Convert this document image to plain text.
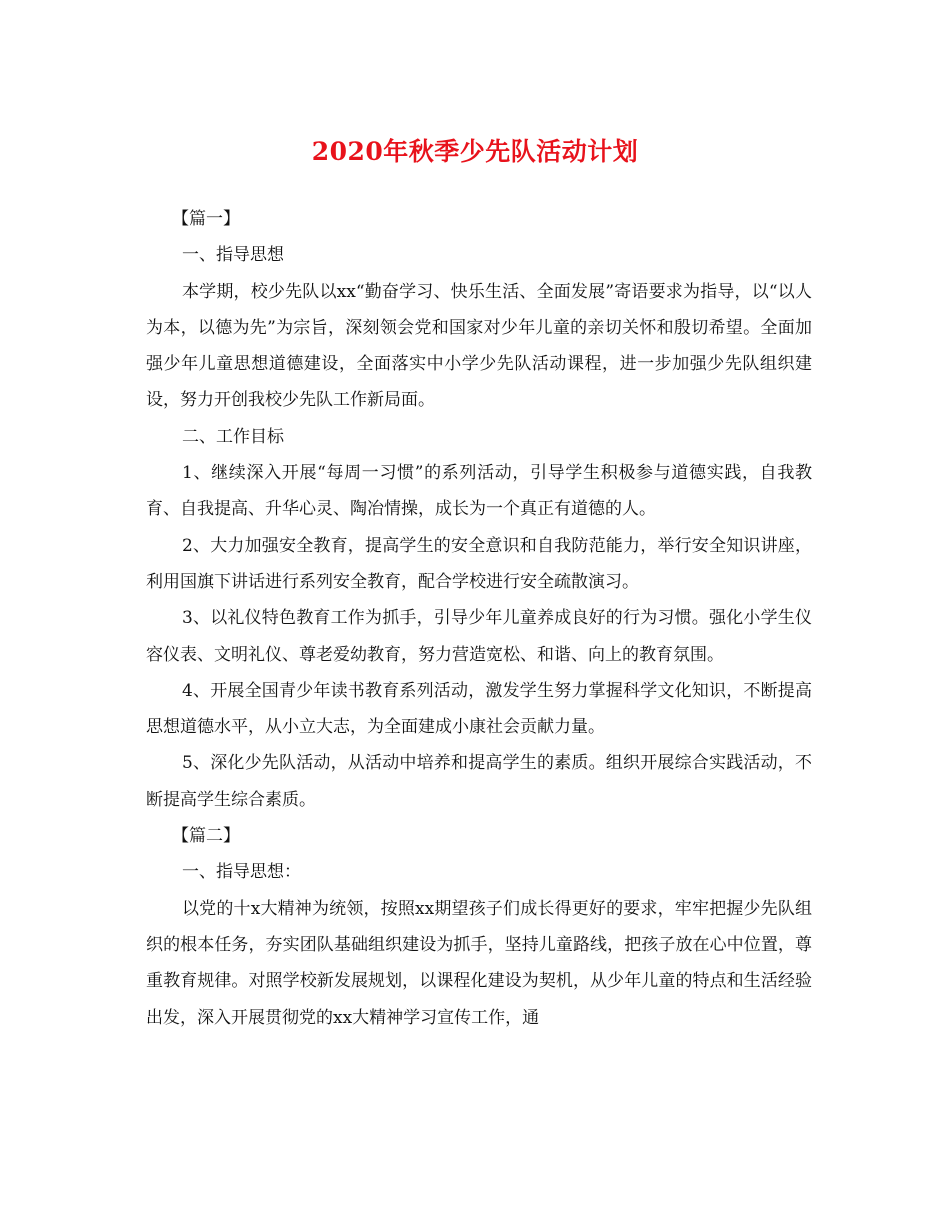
2020年秋季少先队活动计划

【篇一】

一、指导思想

本学期，校少先队以xx“勤奋学习、快乐生活、全面发展”寄语要求为指导，以“以人为本，以德为先”为宗旨，深刻领会党和国家对少年儿童的亲切关怀和殷切希望。全面加强少年儿童思想道德建设，全面落实中小学少先队活动课程，进一步加强少先队组织建设，努力开创我校少先队工作新局面。

二、工作目标

1、继续深入开展“每周一习惯”的系列活动，引导学生积极参与道德实践，自我教育、自我提高、升华心灵、陶冶情操，成长为一个真正有道德的人。

2、大力加强安全教育，提高学生的安全意识和自我防范能力，举行安全知识讲座，利用国旗下讲话进行系列安全教育，配合学校进行安全疏散演习。

3、以礼仪特色教育工作为抓手，引导少年儿童养成良好的行为习惯。强化小学生仪容仪表、文明礼仪、尊老爱幼教育，努力营造宽松、和谐、向上的教育氛围。

4、开展全国青少年读书教育系列活动，激发学生努力掌握科学文化知识，不断提高思想道德水平，从小立大志，为全面建成小康社会贡献力量。

5、深化少先队活动，从活动中培养和提高学生的素质。组织开展综合实践活动，不断提高学生综合素质。

【篇二】

一、指导思想：

以党的十x大精神为统领，按照xx期望孩子们成长得更好的要求，牢牢把握少先队组织的根本任务，夯实团队基础组织建设为抓手，坚持儿童路线，把孩子放在心中位置，尊重教育规律。对照学校新发展规划，以课程化建设为契机，从少年儿童的特点和生活经验出发，深入开展贯彻党的xx大精神学习宣传工作，通
